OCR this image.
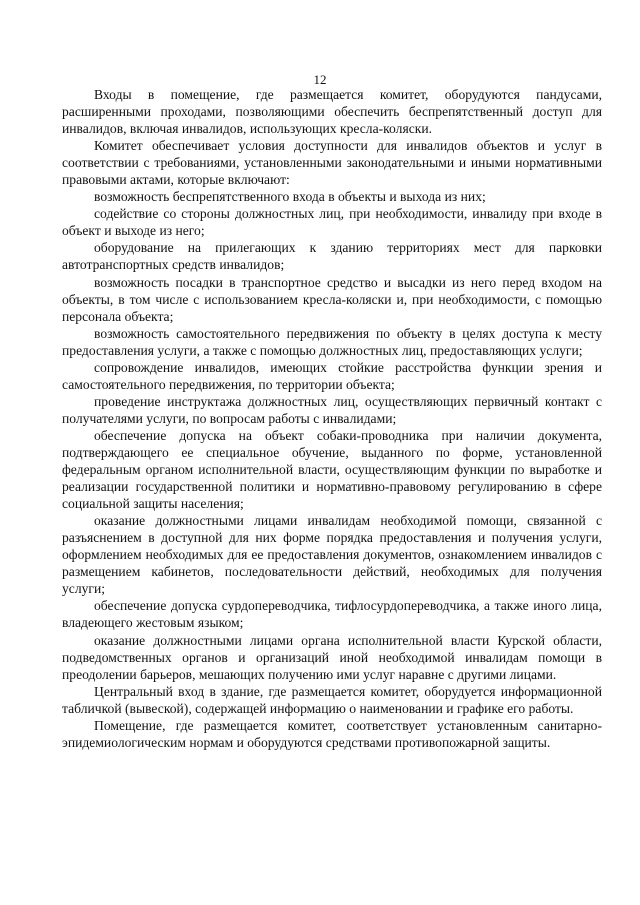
12

Входы в помещение, где размещается комитет, оборудуются пандусами, расширенными проходами, позволяющими обеспечить беспрепятственный доступ для инвалидов, включая инвалидов, использующих кресла-коляски.

Комитет обеспечивает условия доступности для инвалидов объектов и услуг в соответствии с требованиями, установленными законодательными и иными нормативными правовыми актами, которые включают:

возможность беспрепятственного входа в объекты и выхода из них;

содействие со стороны должностных лиц, при необходимости, инвалиду при входе в объект и выходе из него;

оборудование на прилегающих к зданию территориях мест для парковки автотранспортных средств инвалидов;

возможность посадки в транспортное средство и высадки из него перед входом на объекты, в том числе с использованием кресла-коляски и, при необходимости, с помощью персонала объекта;

возможность самостоятельного передвижения по объекту в целях доступа к месту предоставления услуги, а также с помощью должностных лиц, предоставляющих услуги;

сопровождение инвалидов, имеющих стойкие расстройства функции зрения и самостоятельного передвижения, по территории объекта;

проведение инструктажа должностных лиц, осуществляющих первичный контакт с получателями услуги, по вопросам работы с инвалидами;

обеспечение допуска на объект собаки-проводника при наличии документа, подтверждающего ее специальное обучение, выданного по форме, установленной федеральным органом исполнительной власти, осуществляющим функции по выработке и реализации государственной политики и нормативно-правовому регулированию в сфере социальной защиты населения;

оказание должностными лицами инвалидам необходимой помощи, связанной с разъяснением в доступной для них форме порядка предоставления и получения услуги, оформлением необходимых для ее предоставления документов, ознакомлением инвалидов с размещением кабинетов, последовательности действий, необходимых для получения услуги;

обеспечение допуска сурдопереводчика, тифлосурдопереводчика, а также иного лица, владеющего жестовым языком;

оказание должностными лицами органа исполнительной власти Курской области, подведомственных органов и организаций иной необходимой инвалидам помощи в преодолении барьеров, мешающих получению ими услуг наравне с другими лицами.

Центральный вход в здание, где размещается комитет, оборудуется информационной табличкой (вывеской), содержащей информацию о наименовании и графике его работы.

Помещение, где размещается комитет, соответствует установленным санитарно-эпидемиологическим нормам и оборудуются средствами противопожарной защиты.
